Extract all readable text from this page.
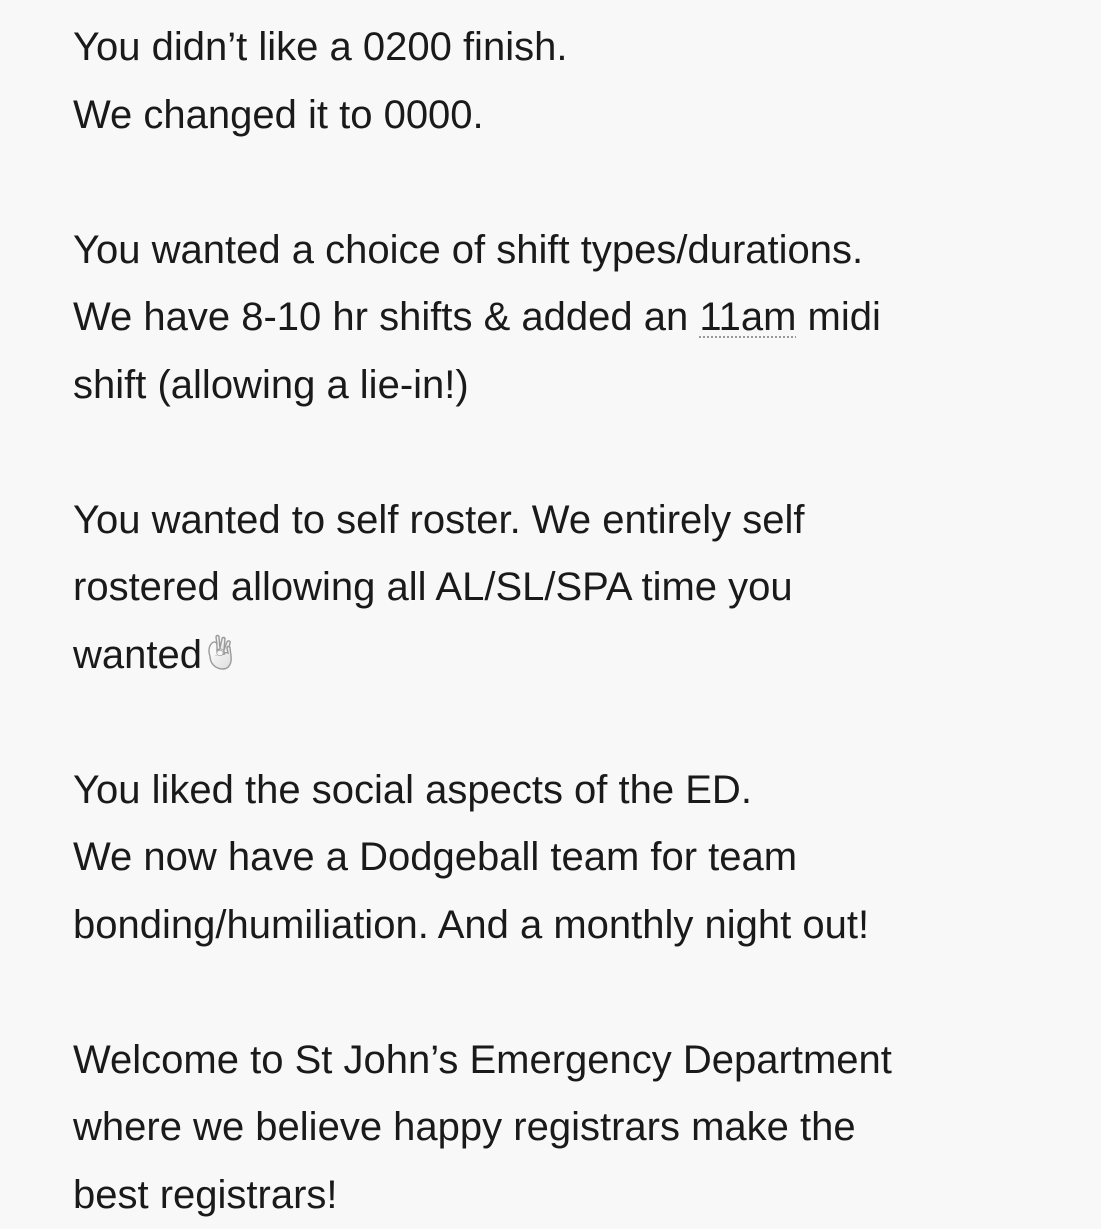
You didn’t like a 0200 finish.
We changed it to 0000.
You wanted a choice of shift types/durations.
We have 8-10 hr shifts & added an 11am midi
shift (allowing a lie-in!)
You wanted to self roster. We entirely self
rostered allowing all AL/SL/SPA time you
wanted
You liked the social aspects of the ED.
We now have a Dodgeball team for team
bonding/humiliation. And a monthly night out!
Welcome to St John’s Emergency Department
where we believe happy registrars make the
best registrars!
